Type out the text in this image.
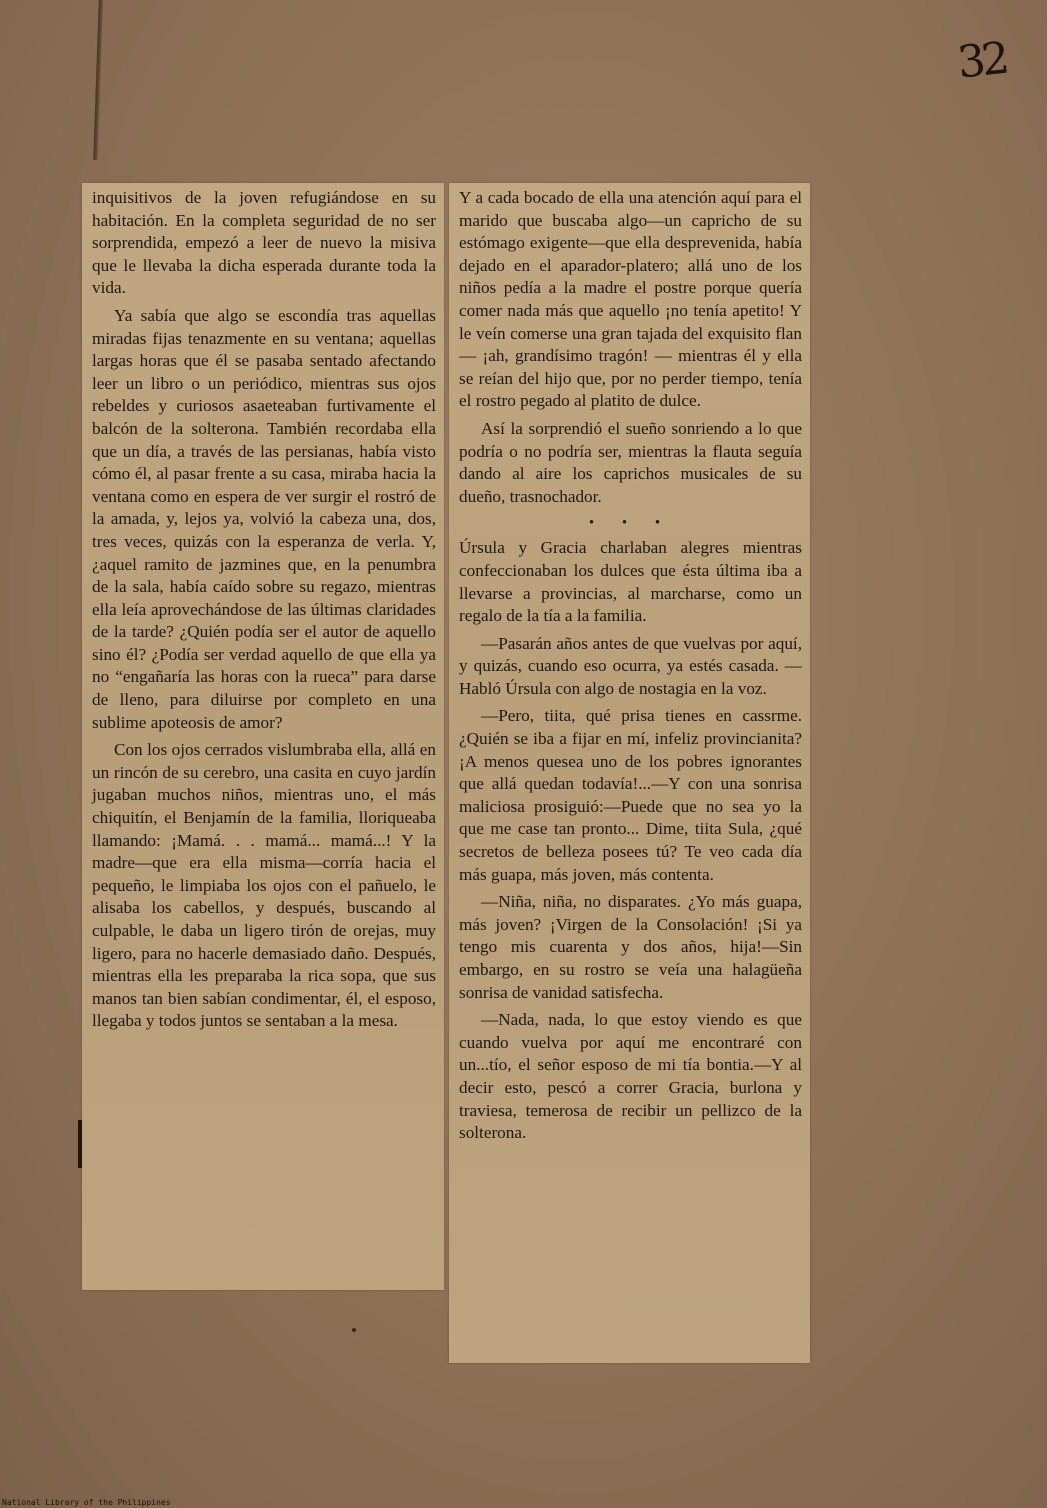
32

inquisitivos de la joven refugiándose en su habitación. En la completa seguridad de no ser sorprendida, empezó a leer de nuevo la misiva que le llevaba la dicha esperada durante toda la vida.

Ya sabía que algo se escondía tras aquellas miradas fijas tenazmente en su ventana; aquellas largas horas que él se pasaba sentado afectando leer un libro o un periódico, mientras sus ojos rebeldes y curiosos asaeteaban furtivamente el balcón de la solterona. También recordaba ella que un día, a través de las persianas, había visto cómo él, al pasar frente a su casa, miraba hacia la ventana como en espera de ver surgir el rostró de la amada, y, lejos ya, volvió la cabeza una, dos, tres veces, quizás con la esperanza de verla. Y, ¿aquel ramito de jazmines que, en la penumbra de la sala, había caído sobre su regazo, mientras ella leía aprovechándose de las últimas claridades de la tarde? ¿Quién podía ser el autor de aquello sino él? ¿Podía ser verdad aquello de que ella ya no “engañaría las horas con la rueca” para darse de lleno, para diluirse por completo en una sublime apoteosis de amor?

Con los ojos cerrados vislumbraba ella, allá en un rincón de su cerebro, una casita en cuyo jardín jugaban muchos niños, mientras uno, el más chiquitín, el Benjamín de la familia, lloriqueaba llamando: ¡Mamá. . . mamá... mamá...! Y la madre—que era ella misma—corría hacia el pequeño, le limpiaba los ojos con el pañuelo, le alisaba los cabellos, y después, buscando al culpable, le daba un ligero tirón de orejas, muy ligero, para no hacerle demasiado daño. Después, mientras ella les preparaba la rica sopa, que sus manos tan bien sabían condimentar, él, el esposo, llegaba y todos juntos se sentaban a la mesa.

Y a cada bocado de ella una atención aquí para el marido que buscaba algo—un capricho de su estómago exigente—que ella desprevenida, había dejado en el aparador-platero; allá uno de los niños pedía a la madre el postre porque quería comer nada más que aquello ¡no tenía apetito! Y le veín comerse una gran tajada del exquisito flan — ¡ah, grandísimo tragón! — mientras él y ella se reían del hijo que, por no perder tiempo, tenía el rostro pegado al platito de dulce.

Así la sorprendió el sueño sonriendo a lo que podría o no podría ser, mientras la flauta seguía dando al aire los caprichos musicales de su dueño, trasnochador.

• • •

Úrsula y Gracia charlaban alegres mientras confeccionaban los dulces que ésta última iba a llevarse a provincias, al marcharse, como un regalo de la tía a la familia.

—Pasarán años antes de que vuelvas por aquí, y quizás, cuando eso ocurra, ya estés casada. —Habló Úrsula con algo de nostagia en la voz.

—Pero, tiita, qué prisa tienes en cassrme. ¿Quién se iba a fijar en mí, infeliz provincianita? ¡A menos quesea uno de los pobres ignorantes que allá quedan todavía!...—Y con una sonrisa maliciosa prosiguió:—Puede que no sea yo la que me case tan pronto... Dime, tiita Sula, ¿qué secretos de belleza posees tú? Te veo cada día más guapa, más joven, más contenta.

—Niña, niña, no disparates. ¿Yo más guapa, más joven? ¡Virgen de la Consolación! ¡Si ya tengo mis cuarenta y dos años, hija!—Sin embargo, en su rostro se veía una halagüeña sonrisa de vanidad satisfecha.

—Nada, nada, lo que estoy viendo es que cuando vuelva por aquí me encontraré con un...tío, el señor esposo de mi tía bontia.—Y al decir esto, pescó a correr Gracia, burlona y traviesa, temerosa de recibir un pellizco de la solterona.

National Library of the Philippines
